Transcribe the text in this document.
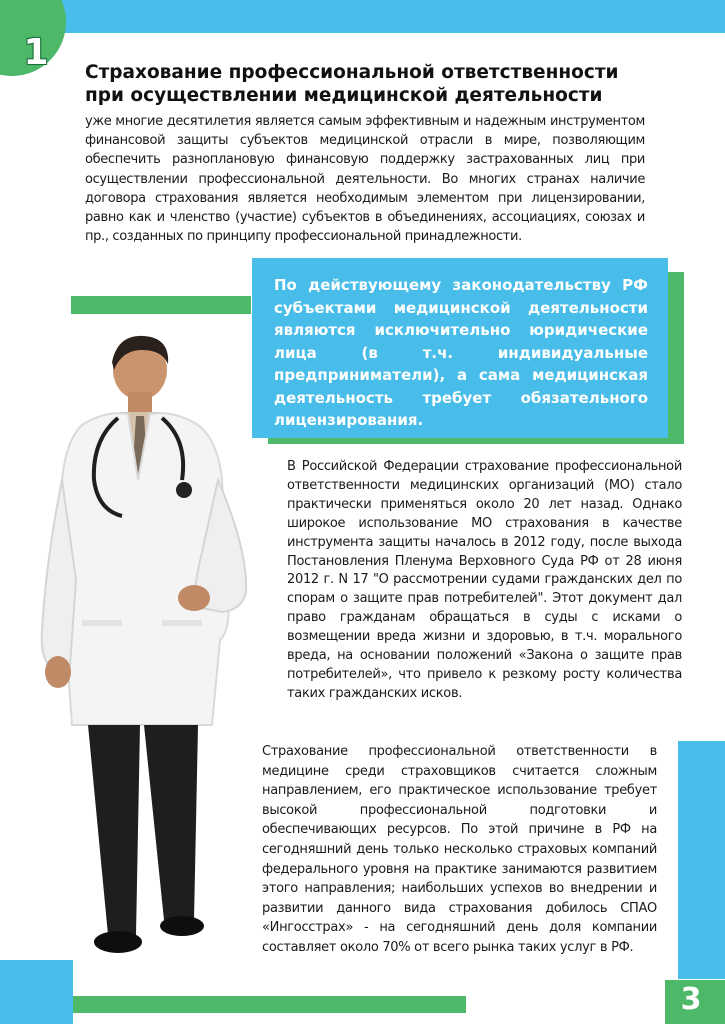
1 Страхование профессиональной ответственности при осуществлении медицинской деятельности

уже многие десятилетия является самым эффективным и надежным инструментом финансовой защиты субъектов медицинской отрасли в мире, позволяющим обеспечить разноплановую финансовую поддержку застрахованных лиц при осуществлении профессиональной деятельности. Во многих странах наличие договора страхования является необходимым элементом при лицензировании, равно как и членство (участие) субъектов в объединениях, ассоциациях, союзах и пр., созданных по принципу профессиональной принадлежности.

По действующему законодательству РФ субъектами медицинской деятельности являются исключительно юридические лица (в т.ч. индивидуальные предприниматели), а сама медицинская деятельность требует обязательного лицензирования.

В Российской Федерации страхование профессиональной ответственности медицинских организаций (МО) стало практически применяться около 20 лет назад. Однако широкое использование МО страхования в качестве инструмента защиты началось в 2012 году, после выхода Постановления Пленума Верховного Суда РФ от 28 июня 2012 г. N 17 "О рассмотрении судами гражданских дел по спорам о защите прав потребителей". Этот документ дал право гражданам обращаться в суды с исками о возмещении вреда жизни и здоровью, в т.ч. морального вреда, на основании положений «Закона о защите прав потребителей», что привело к резкому росту количества таких гражданских исков.

Страхование профессиональной ответственности в медицине среди страховщиков считается сложным направлением, его практическое использование требует высокой профессиональной подготовки и обеспечивающих ресурсов. По этой причине в РФ на сегодняшний день только несколько страховых компаний федерального уровня на практике занимаются развитием этого направления; наибольших успехов во внедрении и развитии данного вида страхования добилось СПАО «Ингосстрах» - на сегодняшний день доля компании составляет около 70% от всего рынка таких услуг в РФ.

3
